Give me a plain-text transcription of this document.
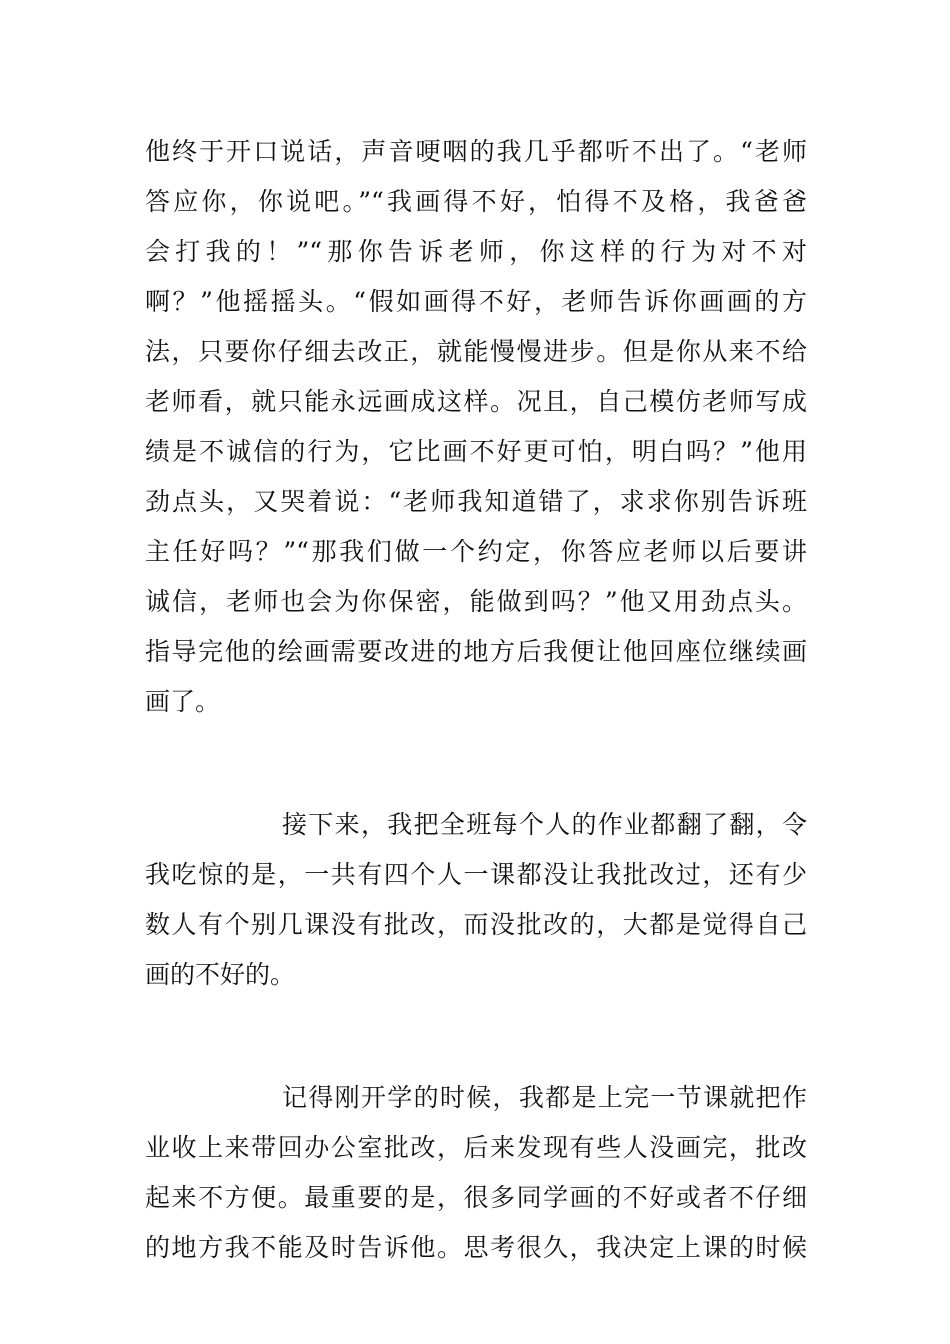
他终于开口说话，声音哽咽的我几乎都听不出了。“老师
答应你，你说吧。”“我画得不好，怕得不及格，我爸爸
会打我的！”“那你告诉老师，你这样的行为对不对
啊？”他摇摇头。“假如画得不好，老师告诉你画画的方
法，只要你仔细去改正，就能慢慢进步。但是你从来不给
老师看，就只能永远画成这样。况且，自己模仿老师写成
绩是不诚信的行为，它比画不好更可怕，明白吗？”他用
劲点头，又哭着说：“老师我知道错了，求求你别告诉班
主任好吗？”“那我们做一个约定，你答应老师以后要讲
诚信，老师也会为你保密，能做到吗？”他又用劲点头。
指导完他的绘画需要改进的地方后我便让他回座位继续画
画了。
接下来，我把全班每个人的作业都翻了翻，令
我吃惊的是，一共有四个人一课都没让我批改过，还有少
数人有个别几课没有批改，而没批改的，大都是觉得自己
画的不好的。
记得刚开学的时候，我都是上完一节课就把作
业收上来带回办公室批改，后来发现有些人没画完，批改
起来不方便。最重要的是，很多同学画的不好或者不仔细
的地方我不能及时告诉他。思考很久，我决定上课的时候
